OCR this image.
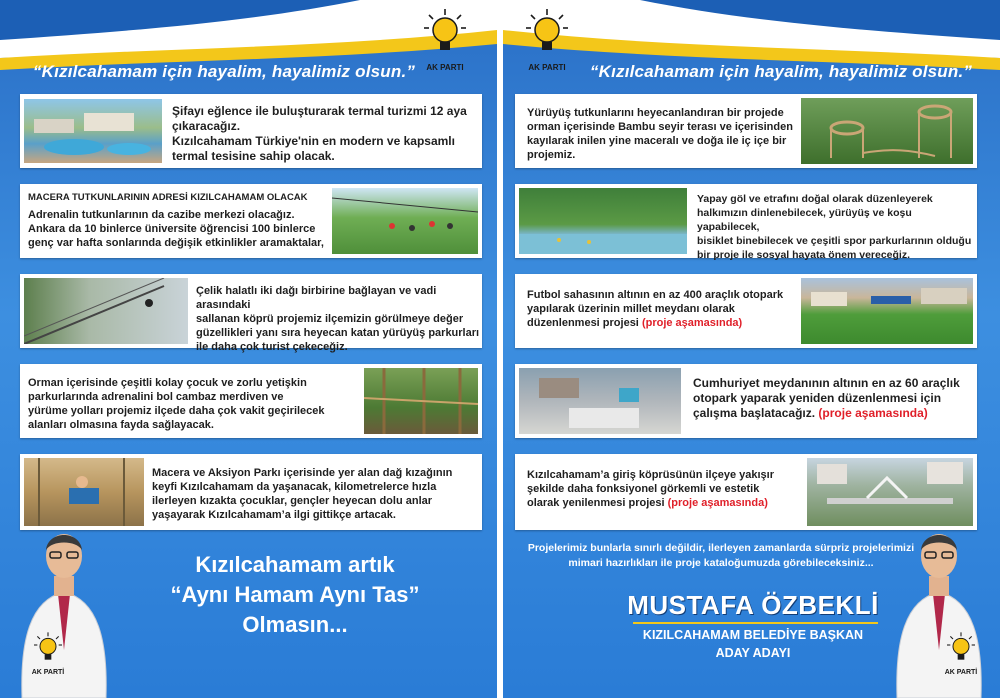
AK PARTI
“Kızılcahamam için hayalim, hayalimiz olsun.”
Şifayı eğlence ile buluşturarak termal turizmi 12 aya
çıkaracağız.
Kızılcahamam Türkiye'nin en modern ve kapsamlı
termal tesisine sahip olacak.
MACERA TUTKUNLARININ ADRESİ KIZILCAHAMAM OLACAK
Adrenalin tutkunlarının da cazibe merkezi olacağız.
Ankara da 10 binlerce üniversite öğrencisi 100 binlerce
genç var hafta sonlarında değişik etkinlikler aramaktalar,
Çelik halatlı iki dağı birbirine bağlayan ve vadi arasındaki
sallanan köprü projemiz ilçemizin görülmeye değer
güzellikleri yanı sıra heyecan katan yürüyüş parkurları
ile daha çok turist çekeceğiz.
Orman içerisinde çeşitli kolay çocuk ve zorlu yetişkin
parkurlarında adrenalini bol cambaz merdiven ve
yürüme yolları projemiz ilçede daha çok vakit geçirilecek
alanları olmasına fayda sağlayacak.
Macera ve Aksiyon Parkı içerisinde yer alan dağ kızağının
keyfi Kızılcahamam da yaşanacak, kilometrelerce hızla
ilerleyen kızakta çocuklar, gençler heyecan dolu anlar
yaşayarak Kızılcahamam’a ilgi gittikçe artacak.
AK PARTİ
Kızılcahamam artık
“Aynı Hamam Aynı Tas”
Olmasın...
AK PARTI	“Kızılcahamam için hayalim, hayalimiz olsun.”
Yürüyüş tutkunlarını heyecanlandıran bir projede
orman içerisinde Bambu seyir terası ve içerisinden
kayılarak inilen yine maceralı ve doğa ile iç içe bir
projemiz.
Yapay göl ve etrafını doğal olarak düzenleyerek
halkımızın dinlenebilecek, yürüyüş ve koşu yapabilecek,
bisiklet binebilecek ve çeşitli spor parkurlarının olduğu
bir proje ile sosyal hayata önem vereceğiz.
Futbol sahasının altının en az 400 araçlık otopark
yapılarak üzerinin millet meydanı olarak
düzenlenmesi projesi (proje aşamasında)
Cumhuriyet meydanının altının en az 60 araçlık
otopark yaparak yeniden düzenlenmesi için
çalışma başlatacağız. (proje aşamasında)
Kızılcahamam’a giriş köprüsünün ilçeye yakışır
şekilde daha fonksiyonel görkemli ve estetik
olarak yenilenmesi projesi (proje aşamasında)
Projelerimiz bunlarla sınırlı değildir, ilerleyen zamanlarda sürpriz projelerimizi
mimari hazırlıkları ile proje kataloğumuzda görebileceksiniz...
MUSTAFA ÖZBEKLİ
KIZILCAHAMAM BELEDİYE BAŞKAN
ADAY ADAYI
AK PARTİ
